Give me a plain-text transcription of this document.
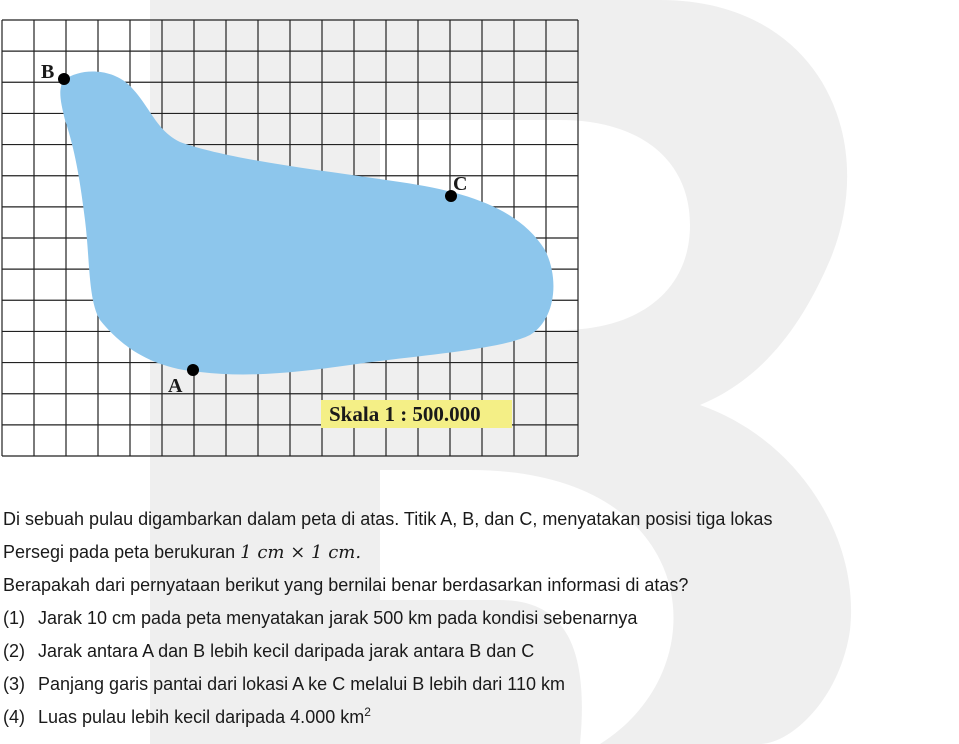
B
C
A
Skala 1 : 500.000
Di sebuah pulau digambarkan dalam peta di atas. Titik A, B, dan C, menyatakan posisi tiga lokas
Persegi pada peta berukuran 1 cm × 1 cm.
Berapakah dari pernyataan berikut yang bernilai benar berdasarkan informasi di atas?
(1) Jarak 10 cm pada peta menyatakan jarak 500 km pada kondisi sebenarnya
(2) Jarak antara A dan B lebih kecil daripada jarak antara B dan C
(3) Panjang garis pantai dari lokasi A ke C melalui B lebih dari 110 km
(4) Luas pulau lebih kecil daripada 4.000 $km^2$
